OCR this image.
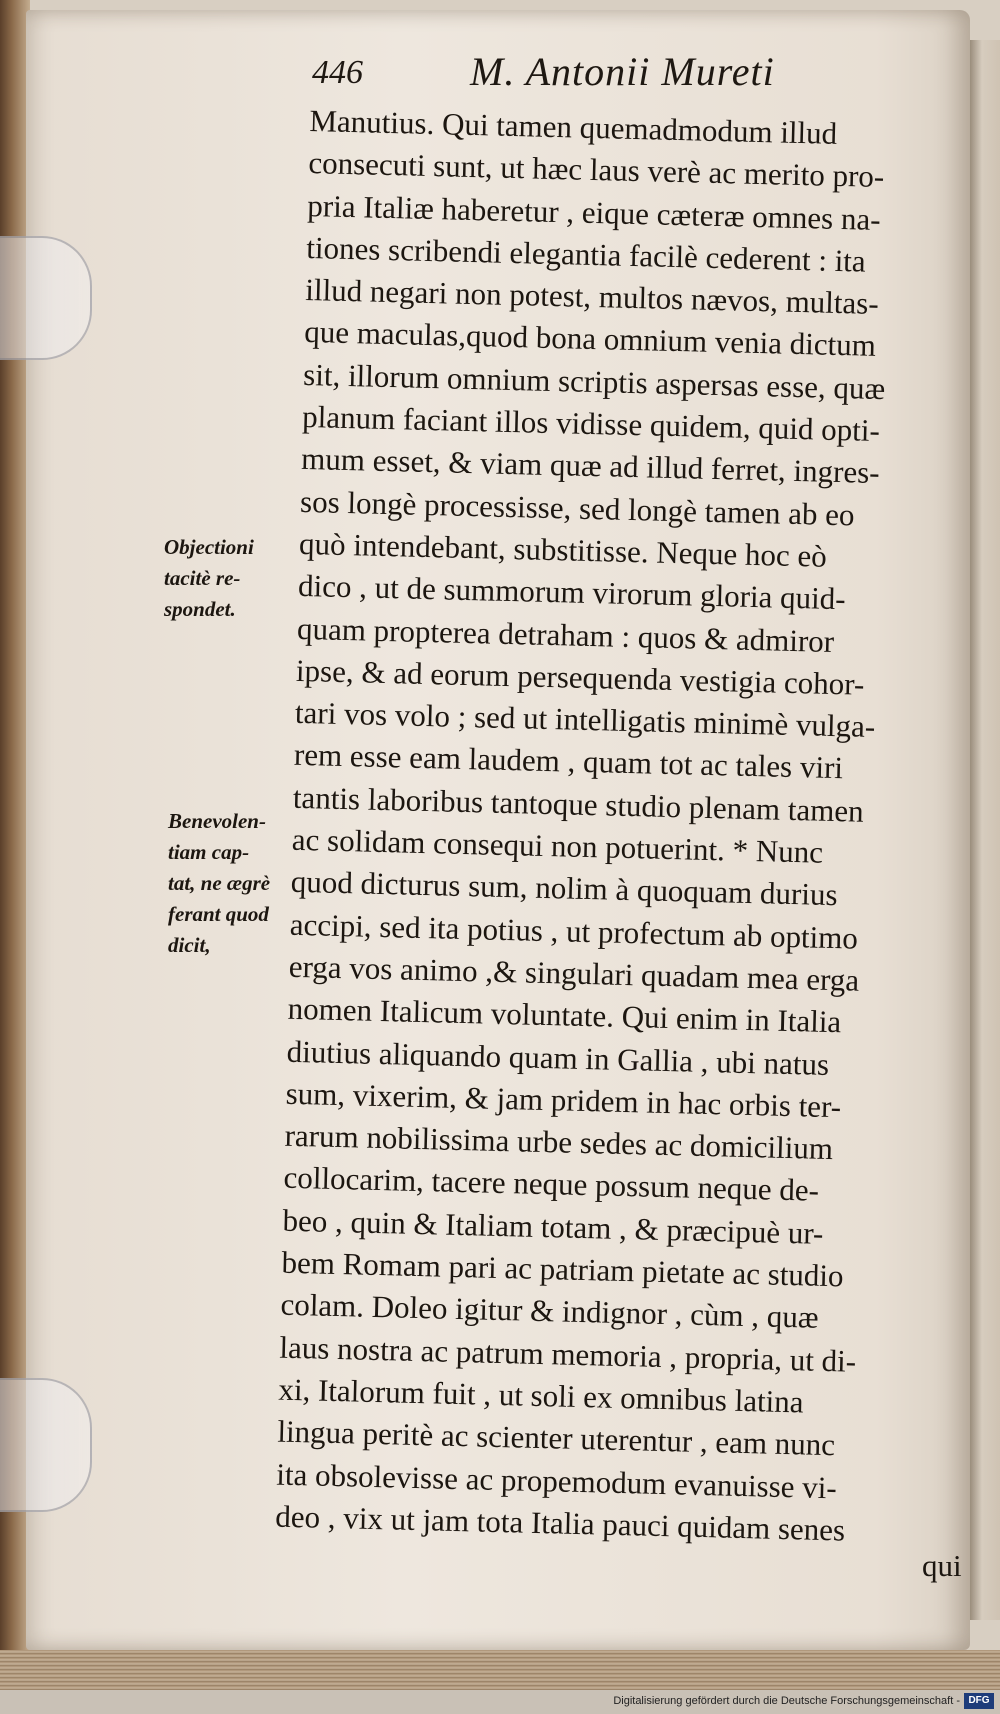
446	M. Antonii Mureti
Objectioni
tacitè re-
spondet.
Benevolen-
tiam cap-
tat, ne ægrè
ferant quod
dicit,
Manutius. Qui tamen quemadmodum illud
consecuti sunt, ut hæc laus verè ac merito pro-
pria Italiæ haberetur , eique cæteræ omnes na-
tiones scribendi elegantia facilè cederent : ita
illud negari non potest, multos nævos, multas-
que maculas,quod bona omnium venia dictum
sit, illorum omnium scriptis aspersas esse, quæ
planum faciant illos vidisse quidem, quid opti-
mum esset, & viam quæ ad illud ferret, ingres-
sos longè processisse, sed longè tamen ab eo
quò intendebant, substitisse. Neque hoc eò
dico , ut de summorum virorum gloria quid-
quam propterea detraham : quos & admiror
ipse, & ad eorum persequenda vestigia cohor-
tari vos volo ; sed ut intelligatis minimè vulga-
rem esse eam laudem , quam tot ac tales viri
tantis laboribus tantoque studio plenam tamen
ac solidam consequi non potuerint. * Nunc
quod dicturus sum, nolim à quoquam durius
accipi, sed ita potius , ut profectum ab optimo
erga vos animo ,& singulari quadam mea erga
nomen Italicum voluntate. Qui enim in Italia
diutius aliquando quam in Gallia , ubi natus
sum, vixerim, & jam pridem in hac orbis ter-
rarum nobilissima urbe sedes ac domicilium
collocarim, tacere neque possum neque de-
beo , quin & Italiam totam , & præcipuè ur-
bem Romam pari ac patriam pietate ac studio
colam. Doleo igitur & indignor , cùm , quæ
laus nostra ac patrum memoria , propria, ut di-
xi, Italorum fuit , ut soli ex omnibus latina
lingua peritè ac scienter uterentur , eam nunc
ita obsolevisse ac propemodum evanuisse vi-
deo , vix ut jam tota Italia pauci quidam senes
qui
Digitalisierung gefördert durch die Deutsche Forschungsgemeinschaft - DFG
